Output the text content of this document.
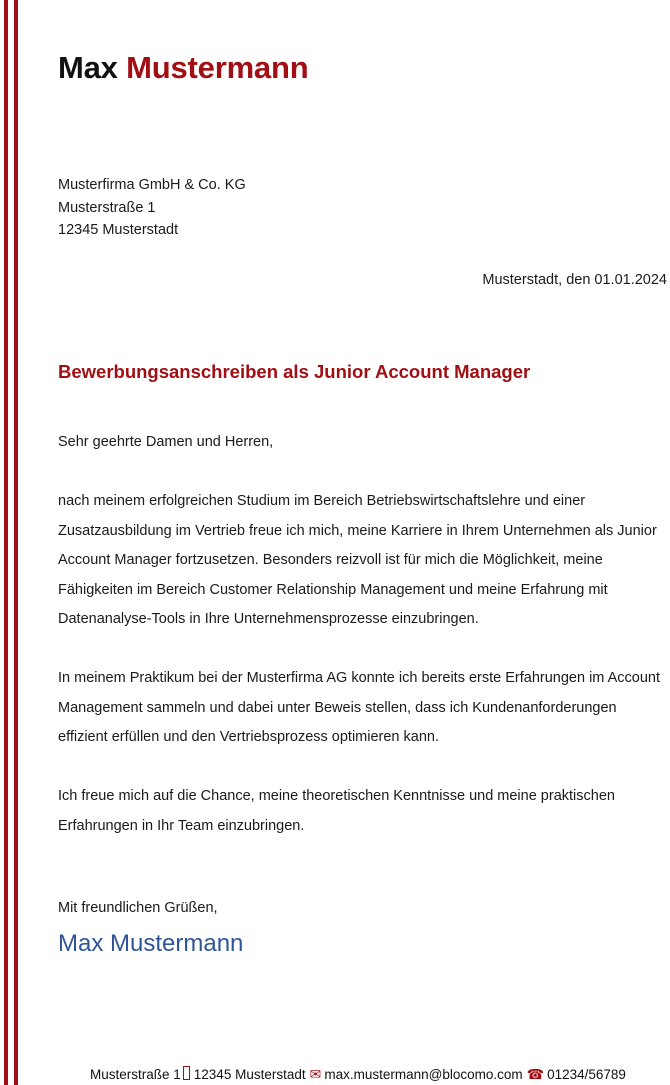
Max Mustermann
Musterfirma GmbH & Co. KG
Musterstraße 1
12345 Musterstadt
Musterstadt, den 01.01.2024
Bewerbungsanschreiben als Junior Account Manager

Sehr geehrte Damen und Herren,

nach meinem erfolgreichen Studium im Bereich Betriebswirtschaftslehre und einer Zusatzausbildung im Vertrieb freue ich mich, meine Karriere in Ihrem Unternehmen als Junior Account Manager fortzusetzen. Besonders reizvoll ist für mich die Möglichkeit, meine Fähigkeiten im Bereich Customer Relationship Management und meine Erfahrung mit Datenanalyse-Tools in Ihre Unternehmensprozesse einzubringen.

In meinem Praktikum bei der Musterfirma AG konnte ich bereits erste Erfahrungen im Account Management sammeln und dabei unter Beweis stellen, dass ich Kundenanforderungen effizient erfüllen und den Vertriebsprozess optimieren kann.

Ich freue mich auf die Chance, meine theoretischen Kenntnisse und meine praktischen Erfahrungen in Ihr Team einzubringen.

Mit freundlichen Grüßen,
Max Mustermann
Musterstraße 1 12345 Musterstadt ✉ max.mustermann@blocomo.com ☎ 01234/56789
